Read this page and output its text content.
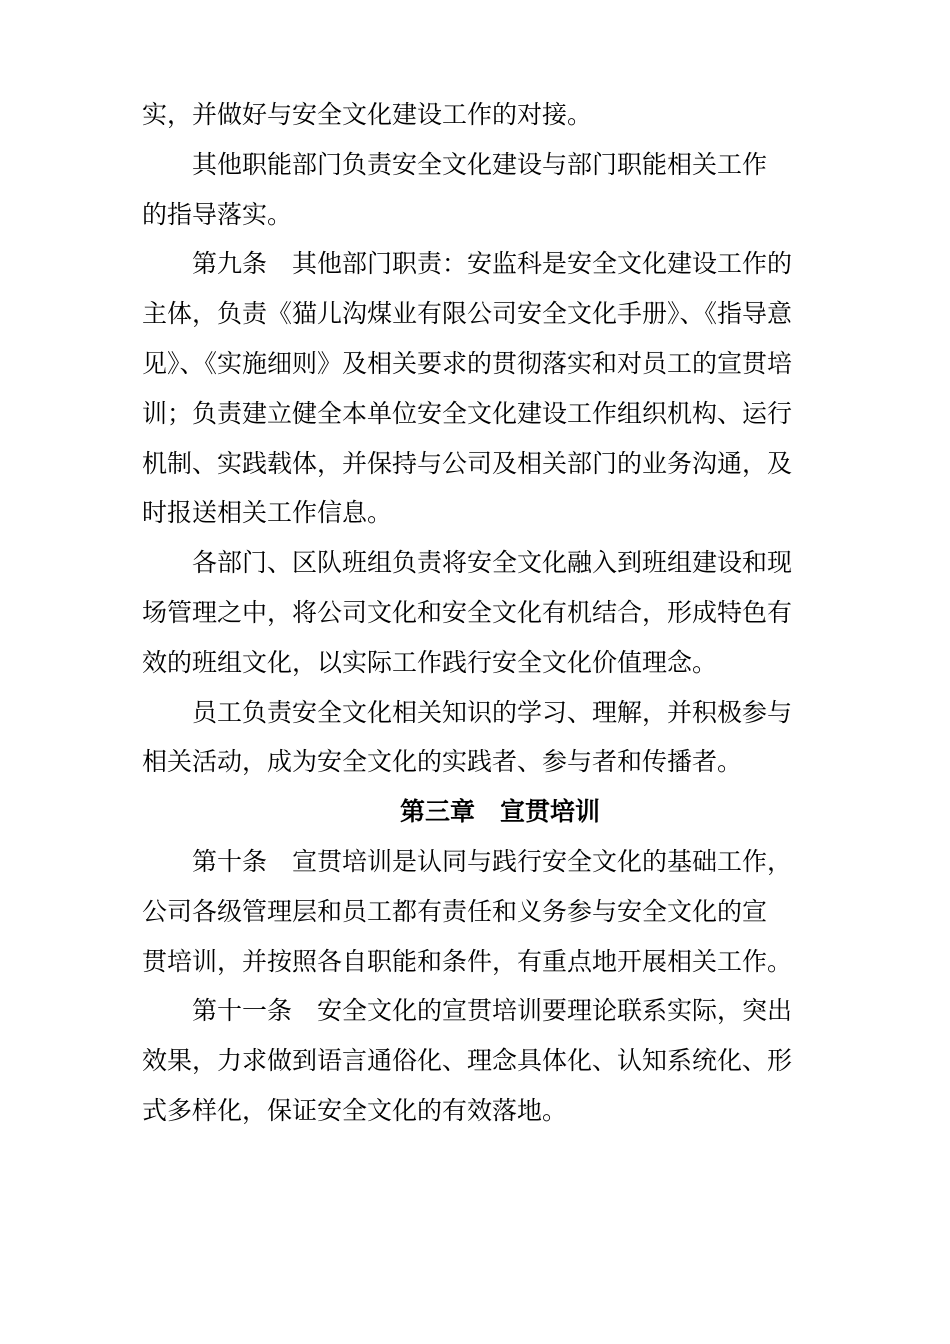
实，并做好与安全文化建设工作的对接。
其他职能部门负责安全文化建设与部门职能相关工作
的指导落实。
第九条　其他部门职责：安监科是安全文化建设工作的
主体，负责《猫儿沟煤业有限公司安全文化手册》、《指导意
见》、《实施细则》及相关要求的贯彻落实和对员工的宣贯培
训；负责建立健全本单位安全文化建设工作组织机构、运行
机制、实践载体，并保持与公司及相关部门的业务沟通，及
时报送相关工作信息。
各部门、区队班组负责将安全文化融入到班组建设和现
场管理之中，将公司文化和安全文化有机结合，形成特色有
效的班组文化，以实际工作践行安全文化价值理念。
员工负责安全文化相关知识的学习、理解，并积极参与
相关活动，成为安全文化的实践者、参与者和传播者。
第三章　宣贯培训
第十条　宣贯培训是认同与践行安全文化的基础工作，
公司各级管理层和员工都有责任和义务参与安全文化的宣
贯培训，并按照各自职能和条件，有重点地开展相关工作。
第十一条　安全文化的宣贯培训要理论联系实际，突出
效果，力求做到语言通俗化、理念具体化、认知系统化、形
式多样化，保证安全文化的有效落地。
